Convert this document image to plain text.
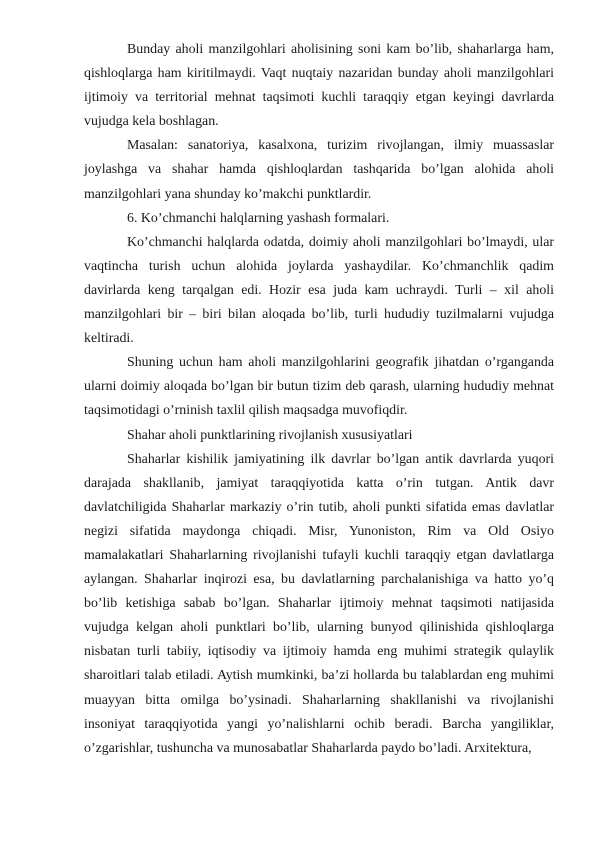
Bunday aholi manzilgohlari aholisining soni kam bo’lib, shaharlarga ham, qishloqlarga ham kiritilmaydi. Vaqt nuqtaiy nazaridan bunday aholi manzilgohlari ijtimoiy va territorial mehnat taqsimoti kuchli taraqqiy etgan keyingi davrlarda vujudga kela boshlagan.

Masalan: sanatoriya, kasalxona, turizim rivojlangan, ilmiy muassaslar joylashga va shahar hamda qishloqlardan tashqarida bo’lgan alohida aholi manzilgohlari yana shunday ko’makchi punktlardir.

6. Ko’chmanchi halqlarning yashash formalari.

Ko’chmanchi halqlarda odatda, doimiy aholi manzilgohlari bo’lmaydi, ular vaqtincha turish uchun alohida joylarda yashaydilar. Ko’chmanchlik qadim davirlarda keng tarqalgan edi. Hozir esa juda kam uchraydi. Turli – xil aholi manzilgohlari bir – biri bilan aloqada bo’lib, turli hududiy tuzilmalarni vujudga keltiradi.

Shuning uchun ham aholi manzilgohlarini geografik jihatdan o’rganganda ularni doimiy aloqada bo’lgan bir butun tizim deb qarash, ularning hududiy mehnat taqsimotidagi o’rninish taxlil qilish maqsadga muvofiqdir.

Shahar aholi punktlarining rivojlanish xususiyatlari

Shaharlar kishilik jamiyatining ilk davrlar bo’lgan antik davrlarda yuqori darajada shakllanib, jamiyat taraqqiyotida katta o’rin tutgan. Antik davr davlatchiligida Shaharlar markaziy o’rin tutib, aholi punkti sifatida emas davlatlar negizi sifatida maydonga chiqadi. Misr, Yunoniston, Rim va Old Osiyo mamalakatlari Shaharlarning rivojlanishi tufayli kuchli taraqqiy etgan davlatlarga aylangan. Shaharlar inqirozi esa, bu davlatlarning parchalanishiga va hatto yo’q bo’lib ketishiga sabab bo’lgan. Shaharlar ijtimoiy mehnat taqsimoti natijasida vujudga kelgan aholi punktlari bo’lib, ularning bunyod qilinishida qishloqlarga nisbatan turli tabiiy, iqtisodiy va ijtimoiy hamda eng muhimi strategik qulaylik sharoitlari talab etiladi. Aytish mumkinki, ba’zi hollarda bu talablardan eng muhimi muayyan bitta omilga bo’ysinadi. Shaharlarning shakllanishi va rivojlanishi insoniyat taraqqiyotida yangi yo’nalishlarni ochib beradi. Barcha yangiliklar, o’zgarishlar, tushuncha va munosabatlar Shaharlarda paydo bo’ladi. Arxitektura,
